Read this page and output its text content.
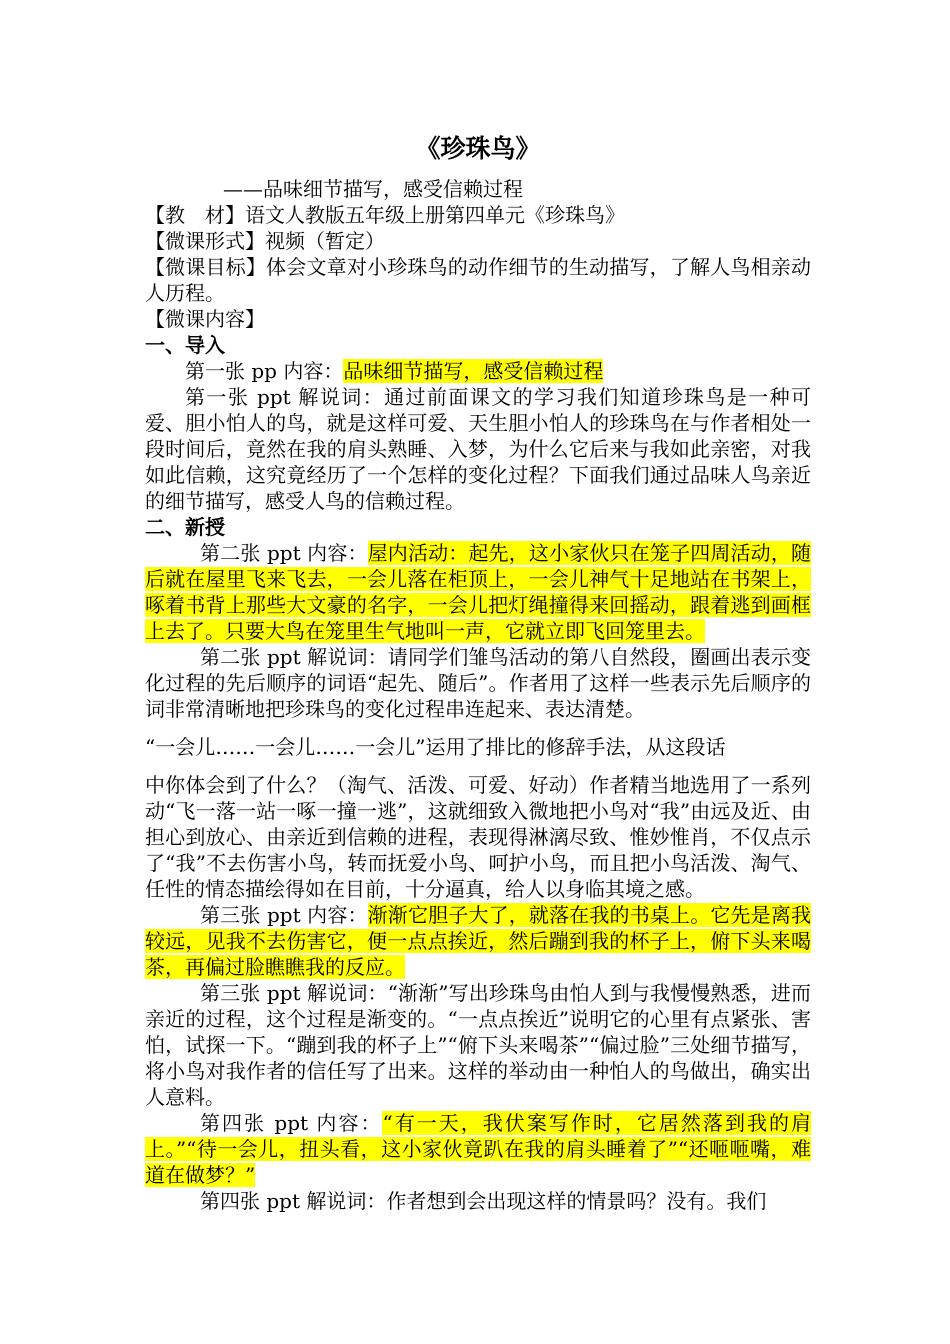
《珍珠鸟》
——品味细节描写，感受信赖过程
【教　材】语文人教版五年级上册第四单元《珍珠鸟》
【微课形式】视频（暂定）

【微课目标】体会文章对小珍珠鸟的动作细节的生动描写，了解人鸟相亲动人历程。

【微课内容】
一、导入

第一张 pp 内容：品味细节描写，感受信赖过程

第一张 ppt 解说词：通过前面课文的学习我们知道珍珠鸟是一种可爱、胆小怕人的鸟，就是这样可爱、天生胆小怕人的珍珠鸟在与作者相处一段时间后，竟然在我的肩头熟睡、入梦，为什么它后来与我如此亲密，对我如此信赖，这究竟经历了一个怎样的变化过程？下面我们通过品味人鸟亲近的细节描写，感受人鸟的信赖过程。

二、新授

第二张 ppt 内容：屋内活动：起先，这小家伙只在笼子四周活动，随后就在屋里飞来飞去，一会儿落在柜顶上，一会儿神气十足地站在书架上，啄着书背上那些大文豪的名字，一会儿把灯绳撞得来回摇动，跟着逃到画框上去了。只要大鸟在笼里生气地叫一声，它就立即飞回笼里去。

第二张 ppt 解说词：请同学们雏鸟活动的第八自然段，圈画出表示变化过程的先后顺序的词语“起先、随后”。作者用了这样一些表示先后顺序的词非常清晰地把珍珠鸟的变化过程串连起来、表达清楚。

“一会儿……一会儿……一会儿”运用了排比的修辞手法，从这段话

中你体会到了什么？（淘气、活泼、可爱、好动）作者精当地选用了一系列动“飞一落一站一啄一撞一逃”，这就细致入微地把小鸟对“我”由远及近、由担心到放心、由亲近到信赖的进程，表现得淋漓尽致、惟妙惟肖，不仅点示了“我”不去伤害小鸟，转而抚爱小鸟、呵护小鸟，而且把小鸟活泼、淘气、任性的情态描绘得如在目前，十分逼真，给人以身临其境之感。

第三张 ppt 内容：渐渐它胆子大了，就落在我的书桌上。它先是离我较远，见我不去伤害它，便一点点挨近，然后蹦到我的杯子上，俯下头来喝茶，再偏过脸瞧瞧我的反应。

第三张 ppt 解说词：“渐渐”写出珍珠鸟由怕人到与我慢慢熟悉，进而亲近的过程，这个过程是渐变的。“一点点挨近”说明它的心里有点紧张、害怕，试探一下。“蹦到我的杯子上”“俯下头来喝茶”“偏过脸”三处细节描写，将小鸟对我作者的信任写了出来。这样的举动由一种怕人的鸟做出，确实出人意料。

第四张 ppt 内容：“有一天，我伏案写作时，它居然落到我的肩上。”“待一会儿，扭头看，这小家伙竟趴在我的肩头睡着了”“还咂咂嘴，难道在做梦？”

第四张 ppt 解说词：作者想到会出现这样的情景吗？没有。我们
